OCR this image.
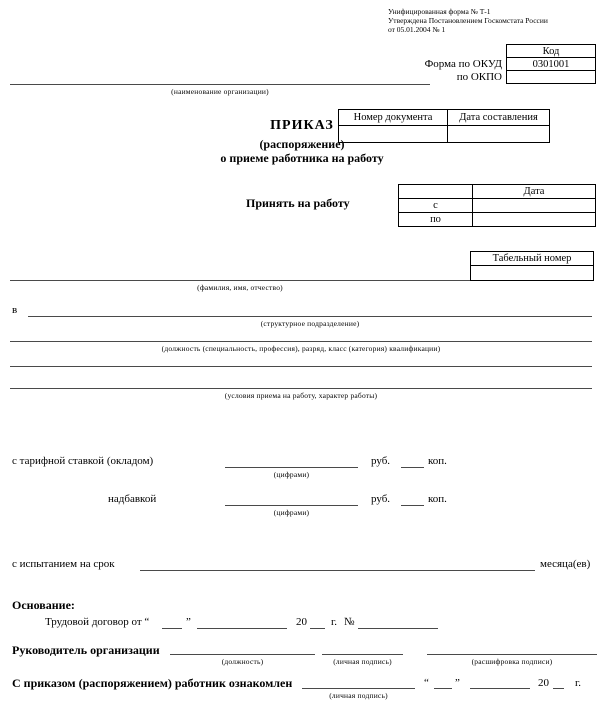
Унифицированная форма № Т-1
Утверждена Постановлением Госкомстата России
от 05.01.2004 № 1
Код
0301001

Форма по ОКУД
по ОКПО
(наименование организации)
ПРИКАЗ
(распоряжение)
о приеме работника на работу
Номер документа	Дата составления

Принять на работу
	Дата
с	
по	
Табельный номер

(фамилия, имя, отчество)
в
(структурное подразделение)
(должность (специальность, профессия), разряд, класс (категория) квалификации)
(условия приема на работу, характер работы)
с тарифной ставкой (окладом)
(цифрами)
руб.	коп.
надбавкой
(цифрами)
руб.	коп.
с испытанием на срок	месяца(ев)
Основание:
Трудовой договор от “	”	20 г. №
Руководитель организации
(должность)	(личная подпись)	(расшифровка подписи)
С приказом (распоряжением) работник ознакомлен
(личная подпись)
“ ”	20 г.
